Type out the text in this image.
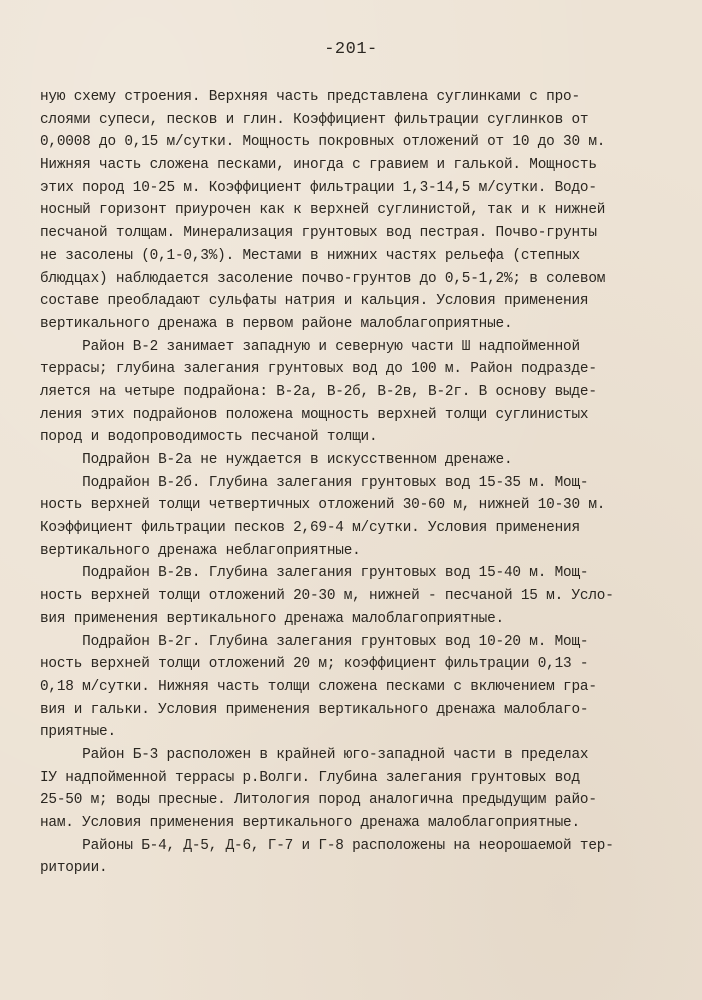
-201-
ную схему строения. Верхняя часть представлена суглинками с про-
слоями супеси, песков и глин. Коэффициент фильтрации суглинков от
0,0008 до 0,15 м/сутки. Мощность покровных отложений от 10 до 30 м.
Нижняя часть сложена песками, иногда с гравием и галькой. Мощность
этих пород 10-25 м. Коэффициент фильтрации 1,3-14,5 м/сутки. Водо-
носный горизонт приурочен как к верхней суглинистой, так и к нижней
песчаной толщам. Минерализация грунтовых вод пестрая. Почво-грунты
не засолены (0,1-0,3%). Местами в нижних частях рельефа (степных
блюдцах) наблюдается засоление почво-грунтов до 0,5-1,2%; в солевом
составе преобладают сульфаты натрия и кальция. Условия применения
вертикального дренажа в первом районе малоблагоприятные.
Район В-2 занимает западную и северную части Ш надпойменной
террасы; глубина залегания грунтовых вод до 100 м. Район подразде-
ляется на четыре подрайона: В-2а, В-2б, В-2в, В-2г. В основу выде-
ления этих подрайонов положена мощность верхней толщи суглинистых
пород и водопроводимость песчаной толщи.
Подрайон В-2а не нуждается в искусственном дренаже.
Подрайон В-2б. Глубина залегания грунтовых вод 15-35 м. Мощ-
ность верхней толщи четвертичных отложений 30-60 м, нижней 10-30 м.
Коэффициент фильтрации песков 2,69-4 м/сутки. Условия применения
вертикального дренажа неблагоприятные.
Подрайон В-2в. Глубина залегания грунтовых вод 15-40 м. Мощ-
ность верхней толщи отложений 20-30 м, нижней - песчаной 15 м. Усло-
вия применения вертикального дренажа малоблагоприятные.
Подрайон В-2г. Глубина залегания грунтовых вод 10-20 м. Мощ-
ность верхней толщи отложений 20 м; коэффициент фильтрации 0,13 -
0,18 м/сутки. Нижняя часть толщи сложена песками с включением гра-
вия и гальки. Условия применения вертикального дренажа малоблаго-
приятные.
Район Б-3 расположен в крайней юго-западной части в пределах
IУ надпойменной террасы р.Волги. Глубина залегания грунтовых вод
25-50 м; воды пресные. Литология пород аналогична предыдущим райо-
нам. Условия применения вертикального дренажа малоблагоприятные.
Районы Б-4, Д-5, Д-6, Г-7 и Г-8 расположены на неорошаемой тер-
ритории.
